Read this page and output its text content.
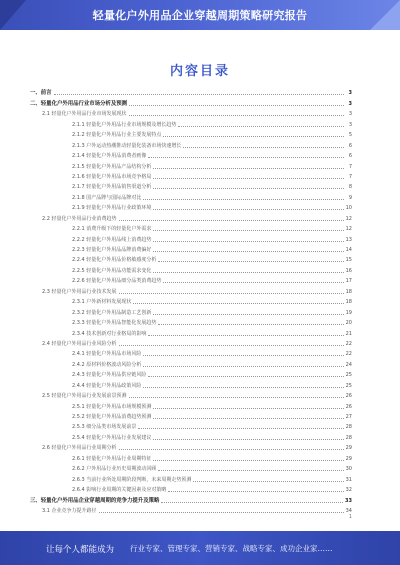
轻量化户外用品企业穿越周期策略研究报告
内容目录
一、前言	3
二、轻量化户外用品行业市场分析及预测	3
2.1 轻量化户外用品行业市场发展现状	3
2.1.1 轻量化户外用品行业市场规模及增长趋势	3
2.1.2 轻量化户外用品行业主要发展特点	5
2.1.3 户外运动热潮推动轻量化装备市场快速增长	6
2.1.4 轻量化户外用品消费者画像	6
2.1.5 轻量化户外用品产品结构分析	7
2.1.6 轻量化户外用品市场竞争格局	7
2.1.7 轻量化户外用品销售渠道分析	8
2.1.8 国产品牌与国际品牌对比	9
2.1.9 轻量化户外用品行业政策环境	10
2.2 轻量化户外用品行业消费趋势	12
2.2.1 消费升级下的轻量化户外需求	12
2.2.2 轻量化户外用品线上消费趋势	13
2.2.3 轻量化户外用品品牌消费偏好	14
2.2.4 轻量化户外用品价格敏感度分析	15
2.2.5 轻量化户外用品功能需求变化	16
2.2.6 轻量化户外用品细分品类消费趋势	17
2.3 轻量化户外用品行业技术发展	18
2.3.1 户外新材料发展现状	18
2.3.2 轻量化户外用品制造工艺创新	19
2.3.3 轻量化户外用品智能化发展趋势	20
2.3.4 技术创新对行业格局的影响	21
2.4 轻量化户外用品行业风险分析	22
2.4.1 轻量化户外用品市场风险	22
2.4.2 原材料价格波动风险分析	24
2.4.3 轻量化户外用品供应链风险	25
2.4.4 轻量化户外用品政策风险	25
2.5 轻量化户外用品行业发展前景预测	26
2.5.1 轻量化户外用品市场规模预测	26
2.5.2 轻量化户外用品消费趋势预测	27
2.5.3 细分品类市场发展前景	28
2.5.4 轻量化户外用品行业发展建议	28
2.6 轻量化户外用品行业周期分析	29
2.6.1 轻量化户外用品行业周期特征	29
2.6.2 户外用品行业历史周期波动回顾	30
2.6.3 当前行业所处周期阶段判断，未来周期走势预测	31
2.6.4 影响行业周期的关键因素及应对策略	32
三、轻量化户外用品企业穿越周期的竞争力提升及策略	33
3.1 企业竞争力提升路径	34
1
让每个人都能成为 行业专家、管理专家、营销专家、战略专家、成功企业家……
